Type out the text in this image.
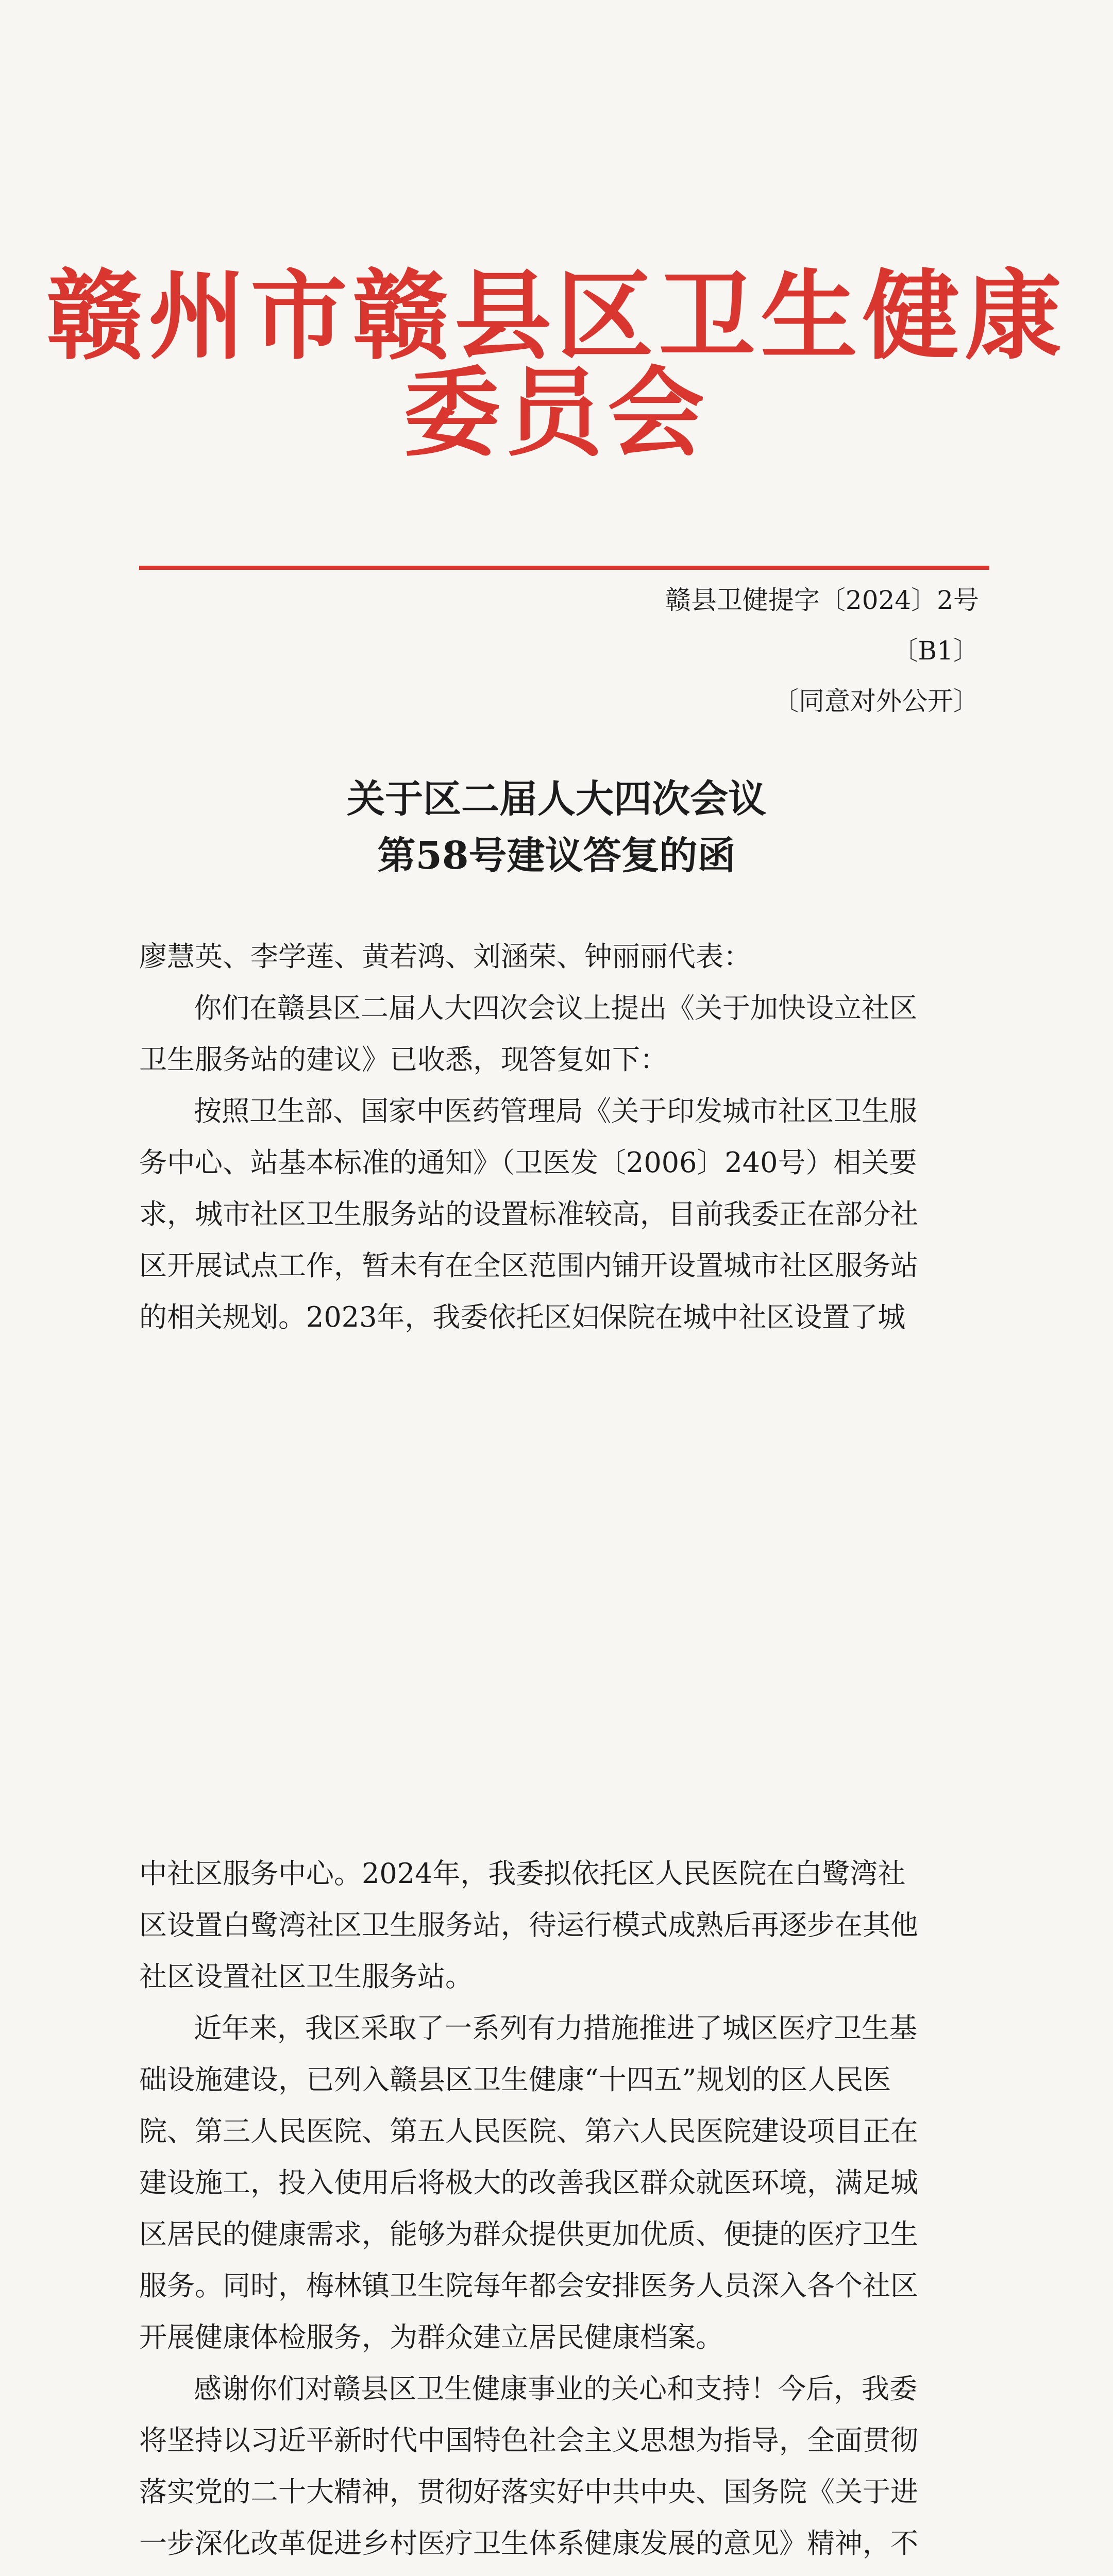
赣州市赣县区卫生健康委员会
赣县卫健提字〔2024〕2号
〔B1〕
〔同意对外公开〕
关于区二届人大四次会议
第58号建议答复的函
廖慧英、李学莲、黄若鸿、刘涵荣、钟丽丽代表：
你们在赣县区二届人大四次会议上提出《关于加快设立社区
卫生服务站的建议》已收悉，现答复如下：
按照卫生部、国家中医药管理局《关于印发城市社区卫生服
务中心、站基本标准的通知》（卫医发〔2006〕240号）相关要
求，城市社区卫生服务站的设置标准较高，目前我委正在部分社
区开展试点工作，暂未有在全区范围内铺开设置城市社区服务站
的相关规划。2023年，我委依托区妇保院在城中社区设置了城
中社区服务中心。2024年，我委拟依托区人民医院在白鹭湾社
区设置白鹭湾社区卫生服务站，待运行模式成熟后再逐步在其他
社区设置社区卫生服务站。
近年来，我区采取了一系列有力措施推进了城区医疗卫生基
础设施建设，已列入赣县区卫生健康“十四五”规划的区人民医
院、第三人民医院、第五人民医院、第六人民医院建设项目正在
建设施工，投入使用后将极大的改善我区群众就医环境，满足城
区居民的健康需求，能够为群众提供更加优质、便捷的医疗卫生
服务。同时，梅林镇卫生院每年都会安排医务人员深入各个社区
开展健康体检服务，为群众建立居民健康档案。
感谢你们对赣县区卫生健康事业的关心和支持！今后，我委
将坚持以习近平新时代中国特色社会主义思想为指导，全面贯彻
落实党的二十大精神，贯彻好落实好中共中央、国务院《关于进
一步深化改革促进乡村医疗卫生体系健康发展的意见》精神，不
